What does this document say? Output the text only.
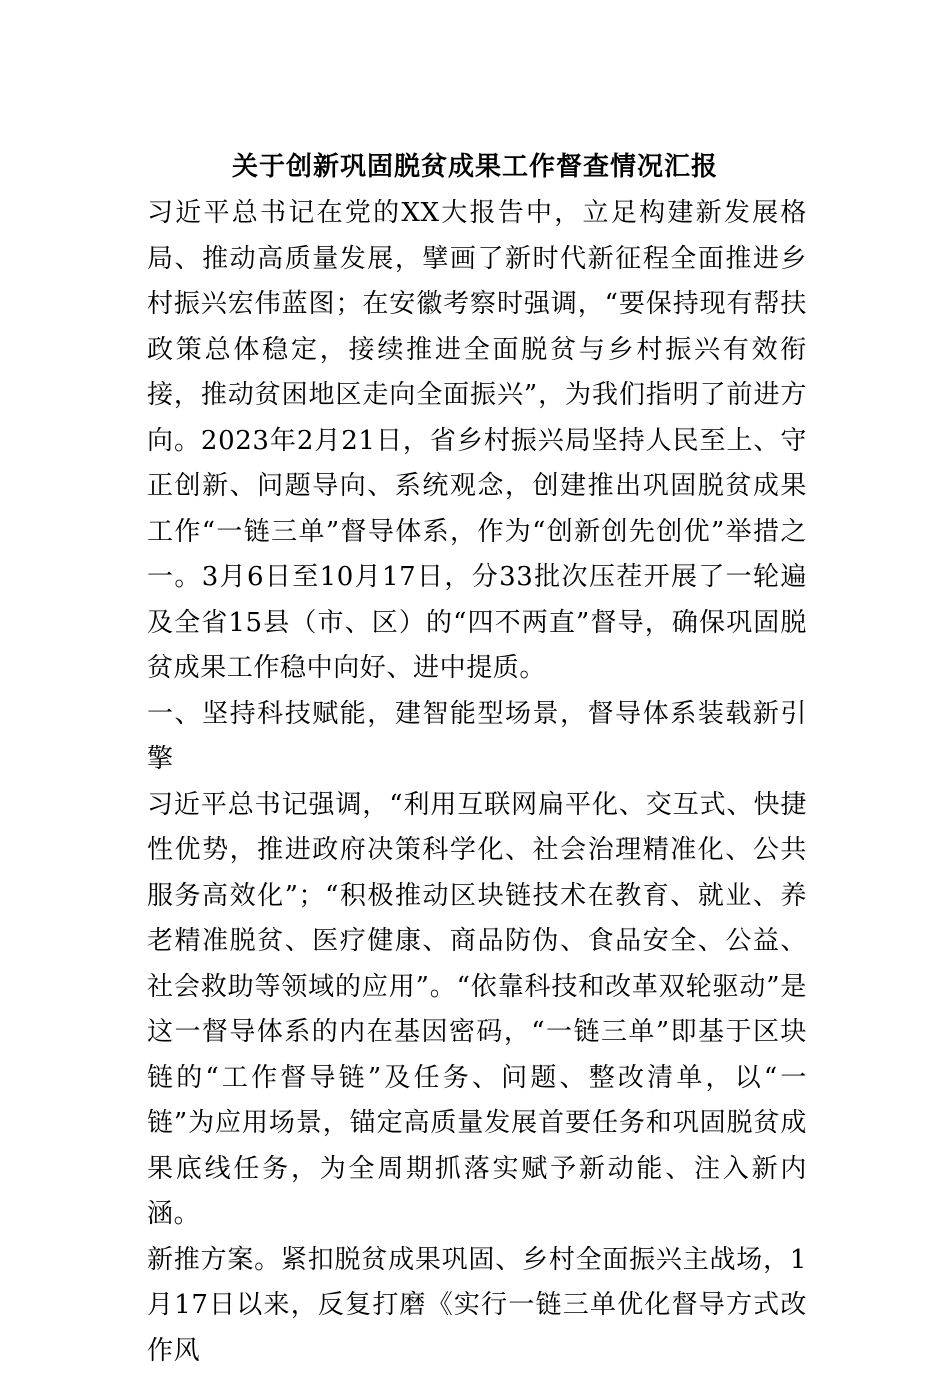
关于创新巩固脱贫成果工作督查情况汇报

习近平总书记在党的XX大报告中，立足构建新发展格局、推动高质量发展，擘画了新时代新征程全面推进乡村振兴宏伟蓝图；在安徽考察时强调，“要保持现有帮扶政策总体稳定，接续推进全面脱贫与乡村振兴有效衔接，推动贫困地区走向全面振兴”，为我们指明了前进方向。2023年2月21日，省乡村振兴局坚持人民至上、守正创新、问题导向、系统观念，创建推出巩固脱贫成果工作“一链三单”督导体系，作为“创新创先创优”举措之一。3月6日至10月17日，分33批次压茬开展了一轮遍及全省15县（市、区）的“四不两直”督导，确保巩固脱贫成果工作稳中向好、进中提质。

一、坚持科技赋能，建智能型场景，督导体系装载新引擎

习近平总书记强调，“利用互联网扁平化、交互式、快捷性优势，推进政府决策科学化、社会治理精准化、公共服务高效化”；“积极推动区块链技术在教育、就业、养老精准脱贫、医疗健康、商品防伪、食品安全、公益、社会救助等领域的应用”。“依靠科技和改革双轮驱动”是这一督导体系的内在基因密码，“一链三单”即基于区块链的“工作督导链”及任务、问题、整改清单，以“一链”为应用场景，锚定高质量发展首要任务和巩固脱贫成果底线任务，为全周期抓落实赋予新动能、注入新内涵。

新推方案。紧扣脱贫成果巩固、乡村全面振兴主战场，1月17日以来，反复打磨《实行一链三单优化督导方式改作风
